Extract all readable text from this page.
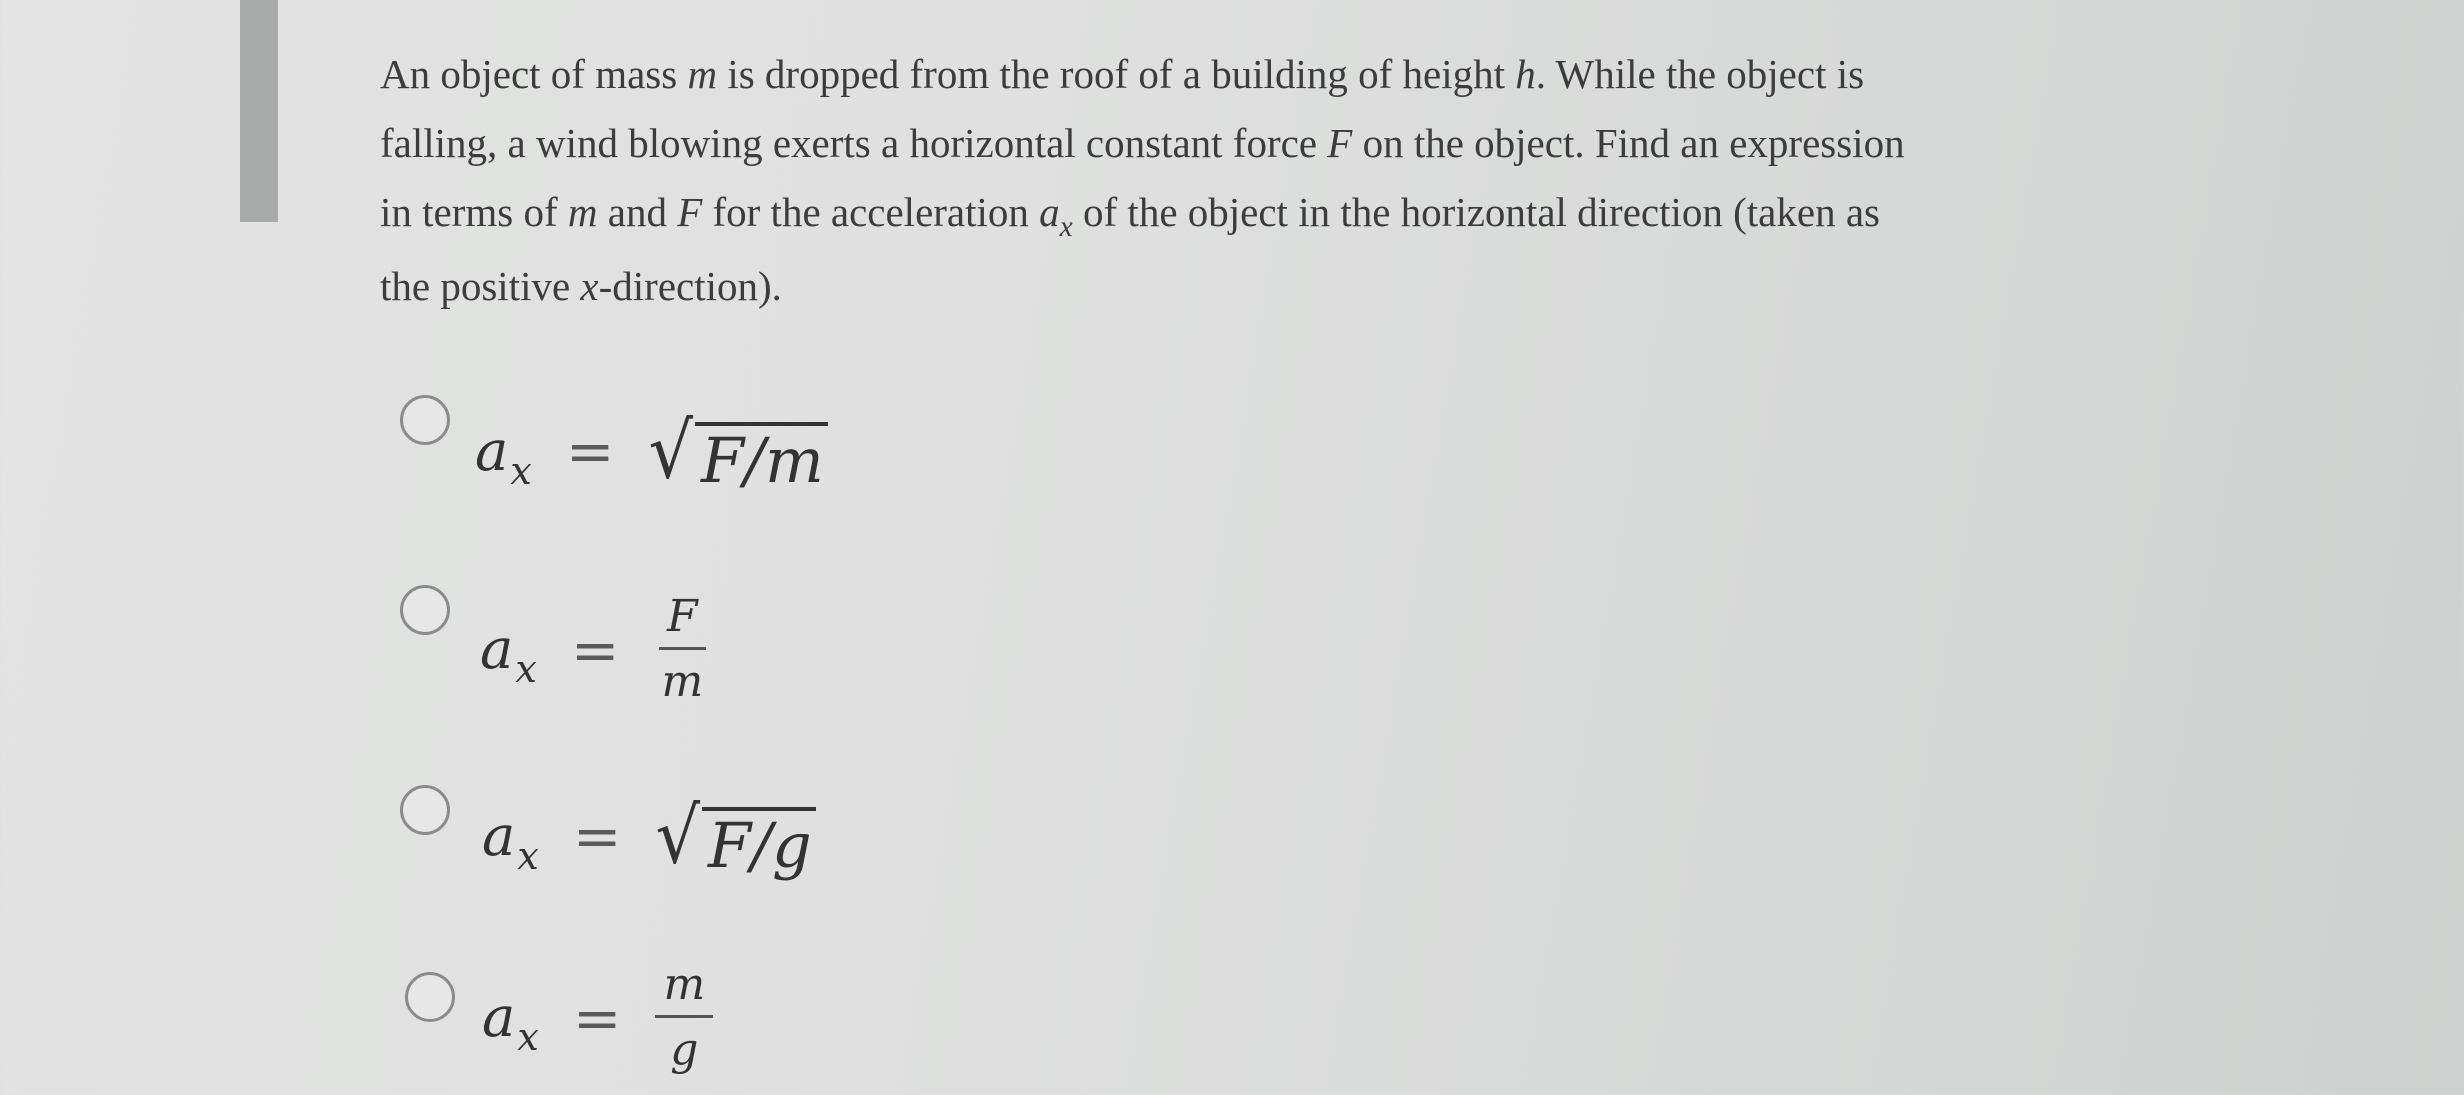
An object of mass m is dropped from the roof of a building of height h. While the object is
falling, a wind blowing exerts a horizontal constant force F on the object. Find an expression
in terms of m and F for the acceleration $a_x$ of the object in the horizontal direction (taken as
the positive x-direction).

$a_x$ = √ F/m
$a_x = \frac{F}{m}$
$a_x$ = √ F/g
$a_x = \frac{m}{g}$
